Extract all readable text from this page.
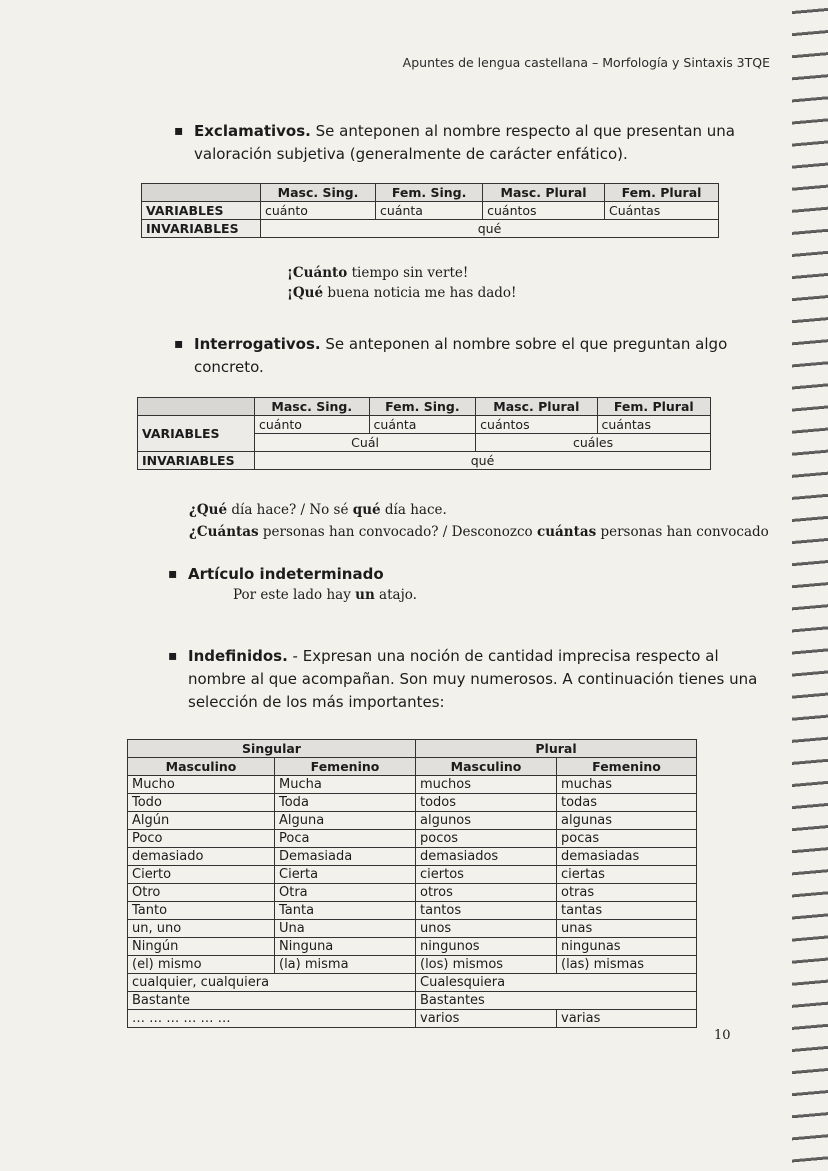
Apuntes de lengua castellana – Morfología y Sintaxis 3TQE
▪ Exclamativos. Se anteponen al nombre respecto al que presentan una
valoración subjetiva (generalmente de carácter enfático).
	Masc. Sing.	Fem. Sing.	Masc. Plural	Fem. Plural
VARIABLES	cuánto	cuánta	cuántos	Cuántas
INVARIABLES	qué			
¡Cuánto tiempo sin verte!
¡Qué buena noticia me has dado!
▪ Interrogativos. Se anteponen al nombre sobre el que preguntan algo
concreto.
	Masc. Sing.	Fem. Sing.	Masc. Plural	Fem. Plural
VARIABLES	cuánto	cuánta	cuántos	cuántas
	Cuál		cuáles	
INVARIABLES	qué			
¿Qué día hace? / No sé qué día hace.
¿Cuántas personas han convocado? / Desconozco cuántas personas han convocado
▪ Artículo indeterminado
Por este lado hay un atajo.
▪ Indefinidos. - Expresan una noción de cantidad imprecisa respecto al
nombre al que acompañan. Son muy numerosos. A continuación tienes una
selección de los más importantes:
Singular		Plural	
Masculino	Femenino	Masculino	Femenino
Mucho	Mucha	muchos	muchas
Todo	Toda	todos	todas
Algún	Alguna	algunos	algunas
Poco	Poca	pocos	pocas
demasiado	Demasiada	demasiados	demasiadas
Cierto	Cierta	ciertos	ciertas
Otro	Otra	otros	otras
Tanto	Tanta	tantos	tantas
un, uno	Una	unos	unas
Ningún	Ninguna	ningunos	ningunas
(el) mismo	(la) misma	(los) mismos	(las) mismas
cualquier, cualquiera		Cualesquiera	
Bastante		Bastantes	
… … … … … …		varios	varias
10
